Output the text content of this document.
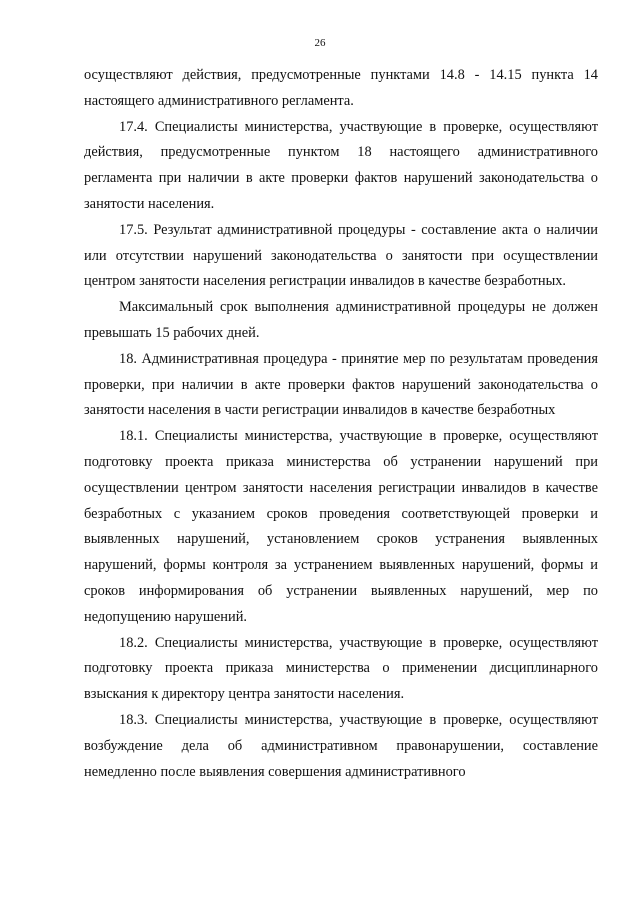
26

осуществляют действия, предусмотренные пунктами 14.8 - 14.15 пункта 14 настоящего административного регламента.

17.4. Специалисты министерства, участвующие в проверке, осуществляют действия, предусмотренные пунктом 18 настоящего административного регламента при наличии в акте проверки фактов нарушений законодательства о занятости населения.

17.5. Результат административной процедуры - составление акта о наличии или отсутствии нарушений законодательства о занятости при осуществлении центром занятости населения регистрации инвалидов в качестве безработных.

Максимальный срок выполнения административной процедуры не должен превышать 15 рабочих дней.

18. Административная процедура - принятие мер по результатам проведения проверки, при наличии в акте проверки фактов нарушений законодательства о занятости населения в части регистрации инвалидов в качестве безработных

18.1. Специалисты министерства, участвующие в проверке, осуществляют подготовку проекта приказа министерства об устранении нарушений при осуществлении центром занятости населения регистрации инвалидов в качестве безработных с указанием сроков проведения соответствующей проверки и выявленных нарушений, установлением сроков устранения выявленных нарушений, формы контроля за устранением выявленных нарушений, формы и сроков информирования об устранении выявленных нарушений, мер по недопущению нарушений.

18.2. Специалисты министерства, участвующие в проверке, осуществляют подготовку проекта приказа министерства о применении дисциплинарного взыскания к директору центра занятости населения.

18.3. Специалисты министерства, участвующие в проверке, осуществляют возбуждение дела об административном правонарушении, составление немедленно после выявления совершения административного
